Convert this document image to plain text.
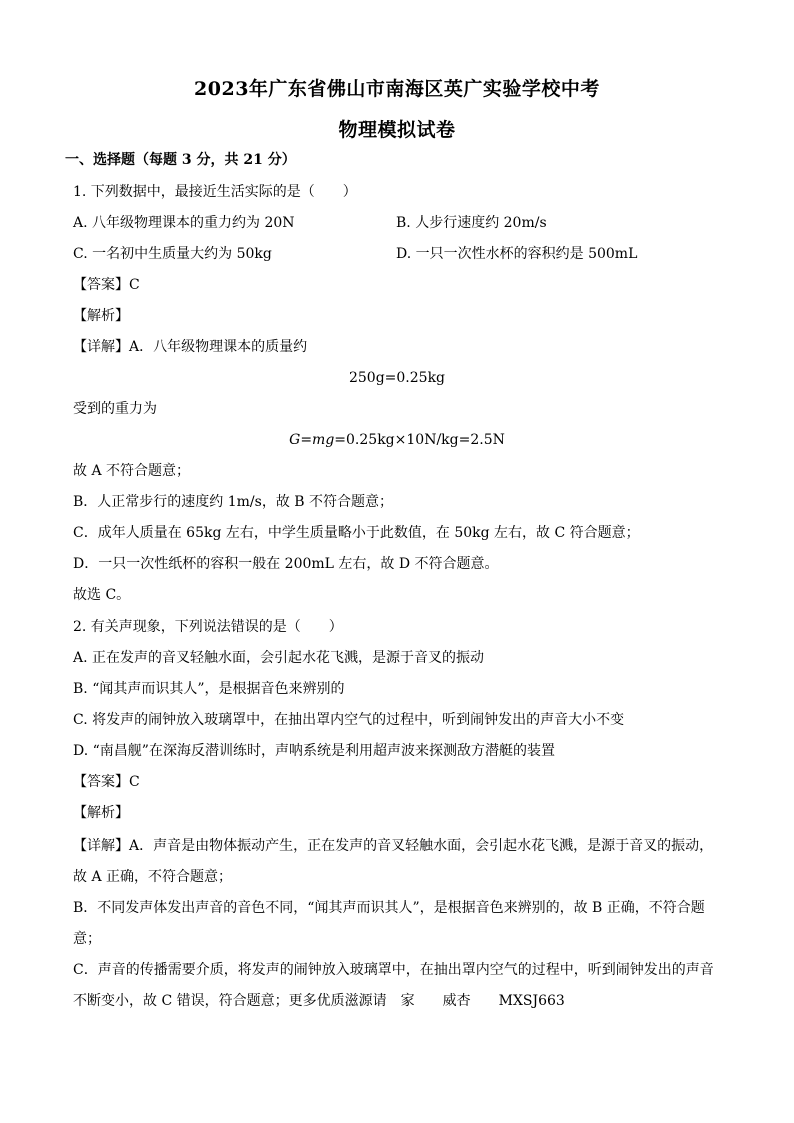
2023年广东省佛山市南海区英广实验学校中考
物理模拟试卷
一、选择题（每题 3 分，共 21 分）
1. 下列数据中，最接近生活实际的是（　　）
A. 八年级物理课本的重力约为 20N	B. 人步行速度约 20m/s
C. 一名初中生质量大约为 50kg	D. 一只一次性水杯的容积约是 500mL
【答案】C
【解析】
【详解】A．八年级物理课本的质量约
250g=0.25kg
受到的重力为
G=mg=0.25kg×10N/kg=2.5N
故 A 不符合题意；
B．人正常步行的速度约 1m/s，故 B 不符合题意；
C．成年人质量在 65kg 左右，中学生质量略小于此数值，在 50kg 左右，故 C 符合题意；
D．一只一次性纸杯的容积一般在 200mL 左右，故 D 不符合题意。
故选 C。
2. 有关声现象，下列说法错误的是（　　）
A. 正在发声的音叉轻触水面，会引起水花飞溅，是源于音叉的振动
B. “闻其声而识其人”，是根据音色来辨别的
C. 将发声的闹钟放入玻璃罩中，在抽出罩内空气的过程中，听到闹钟发出的声音大小不变
D. “南昌舰”在深海反潜训练时，声呐系统是利用超声波来探测敌方潜艇的装置
【答案】C
【解析】
【详解】A．声音是由物体振动产生，正在发声的音叉轻触水面，会引起水花飞溅，是源于音叉的振动，
故 A 正确，不符合题意；
B．不同发声体发出声音的音色不同，“闻其声而识其人”，是根据音色来辨别的，故 B 正确，不符合题
意；
C．声音的传播需要介质，将发声的闹钟放入玻璃罩中，在抽出罩内空气的过程中，听到闹钟发出的声音
不断变小，故 C 错误，符合题意；更多优质滋源请　家　　威杏　　MXSJ663
